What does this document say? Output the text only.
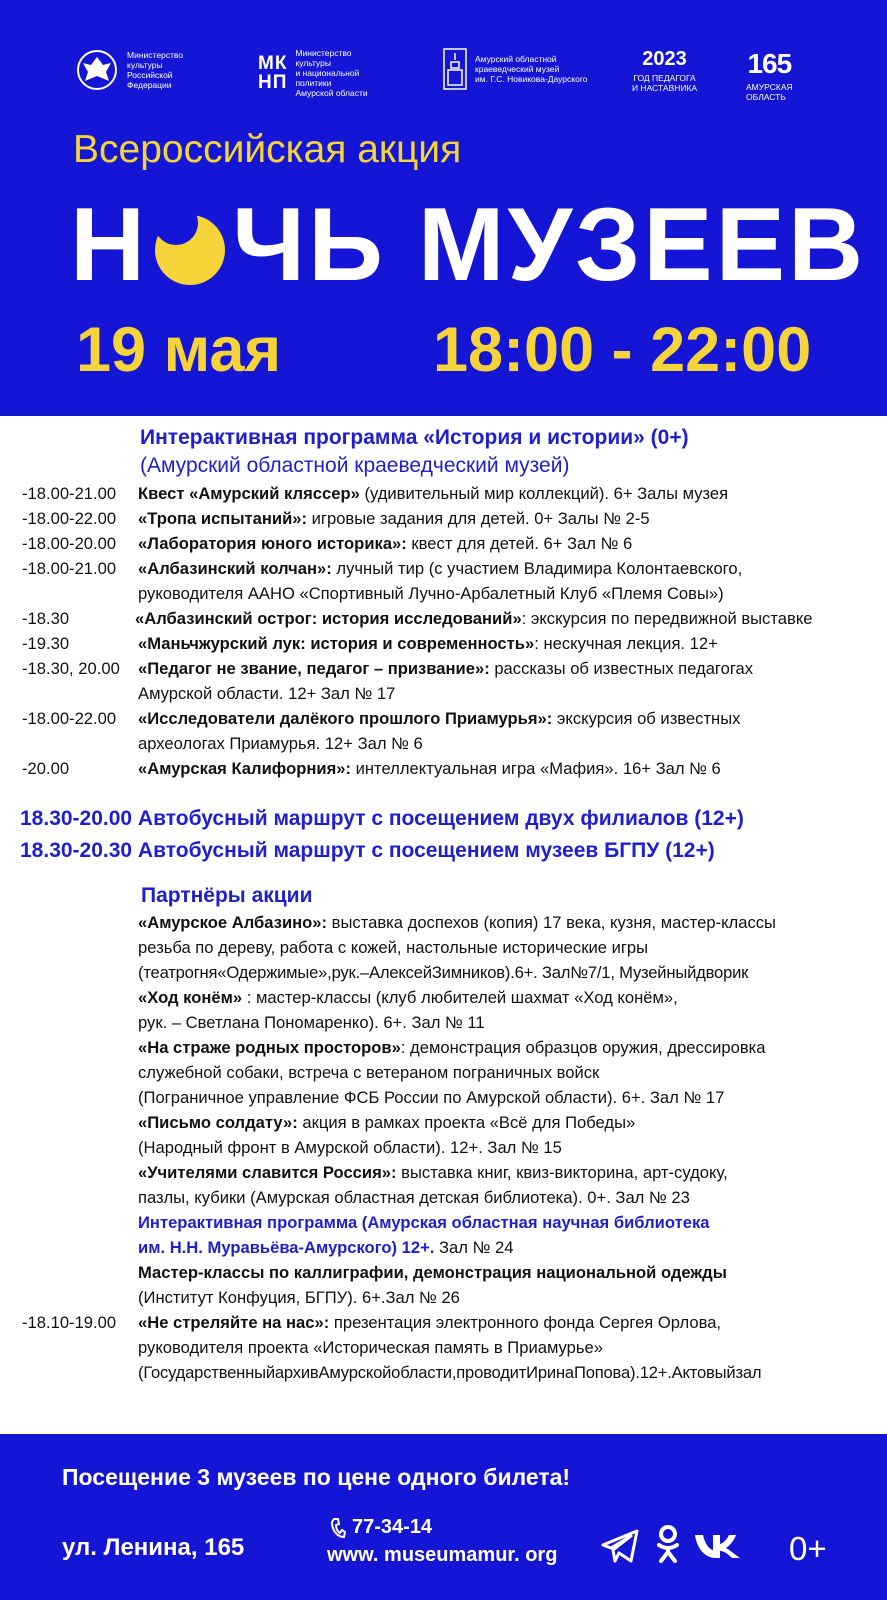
Министерство
культуры
Российской
Федерации
МК
НП
Министерство
культуры
и национальной
политики
Амурской области
Амурский областной
краеведческий музей
им. Г.С. Новикова-Даурского
2023
ГОД ПЕДАГОГА
И НАСТАВНИКА
165
АМУРСКАЯ
ОБЛАСТЬ
Всероссийская акция
Н ЧЬ МУЗЕЕВ
19 мая 18:00 - 22:00
Интерактивная программа «История и истории» (0+)
(Амурский областной краеведческий музей)
-18.00-21.00 Квест «Амурский кляссер» (удивительный мир коллекций). 6+ Залы музея
-18.00-22.00 «Тропа испытаний»: игровые задания для детей. 0+ Залы № 2-5
-18.00-20.00 «Лаборатория юного историка»: квест для детей. 6+ Зал № 6
-18.00-21.00 «Албазинский колчан»: лучный тир (с участием Владимира Колонтаевского,
руководителя ААНО «Спортивный Лучно-Арбалетный Клуб «Племя Совы»)
-18.30	«Албазинский острог: история исследований»: экскурсия по передвижной выставке
-19.30	«Маньчжурский лук: история и современность»: нескучная лекция. 12+
-18.30, 20.00 «Педагог не звание, педагог – призвание»: рассказы об известных педагогах
Амурской области. 12+ Зал № 17
-18.00-22.00 «Исследователи далёкого прошлого Приамурья»: экскурсия об известных
археологах Приамурья. 12+ Зал № 6
-20.00	«Амурская Калифорния»: интеллектуальная игра «Мафия». 16+ Зал № 6
18.30-20.00 Автобусный маршрут с посещением двух филиалов (12+)
18.30-20.30 Автобусный маршрут с посещением музеев БГПУ (12+)
Партнёры акции
«Амурское Албазино»: выставка доспехов (копия) 17 века, кузня, мастер-классы
резьба по дереву, работа с кожей, настольные исторические игры
(театрогня«Одержимые»,рук.–АлексейЗимников).6+. Зал№7/1, Музейныйдворик
«Ход конём» : мастер-классы (клуб любителей шахмат «Ход конём»,
рук. – Светлана Пономаренко). 6+. Зал № 11
«На страже родных просторов»: демонстрация образцов оружия, дрессировка
служебной собаки, встреча с ветераном пограничных войск
(Пограничное управление ФСБ России по Амурской области). 6+. Зал № 17
«Письмо солдату»: акция в рамках проекта «Всё для Победы»
(Народный фронт в Амурской области). 12+. Зал № 15
«Учителями славится Россия»: выставка книг, квиз-викторина, арт-судоку,
пазлы, кубики (Амурская областная детская библиотека). 0+. Зал № 23
Интерактивная программа (Амурская областная научная библиотека
им. Н.Н. Муравьёва-Амурского) 12+. Зал № 24
Мастер-классы по каллиграфии, демонстрация национальной одежды
(Институт Конфуция, БГПУ). 6+.Зал № 26
-18.10-19.00 «Не стреляйте на нас»: презентация электронного фонда Сергея Орлова,
руководителя проекта «Историческая память в Приамурье»
(ГосударственныйархивАмурскойобласти,проводитИринаПопова).12+.Актовыйзал
Посещение 3 музеев по цене одного билета!
ул. Ленина, 165
77-34-14
www. museumamur. org	0+
